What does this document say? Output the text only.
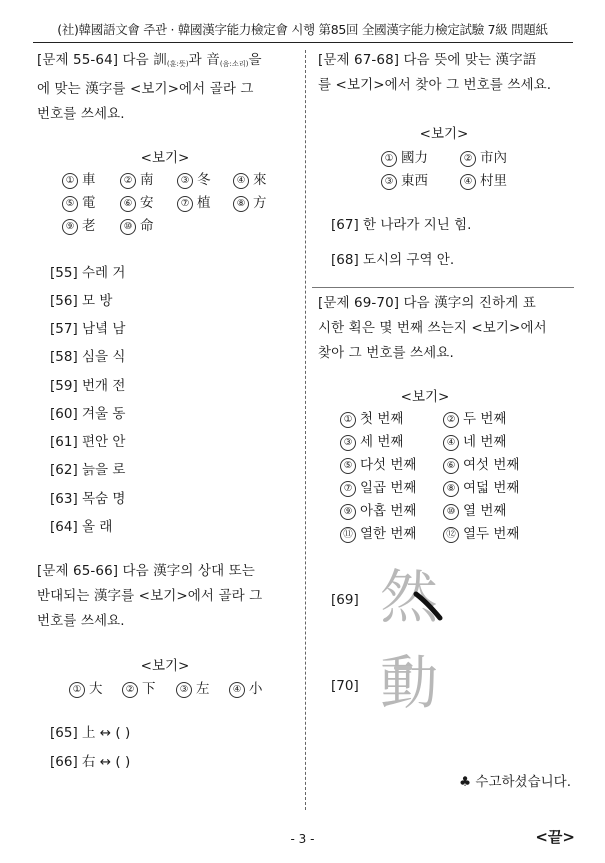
(社)韓國語文會 주관 · 韓國漢字能力檢定會 시행 第85回 全國漢字能力檢定試驗 7級 問題紙
[문제 55-64] 다음 訓(훈:뜻)과 音(음:소리)을
에 맞는 漢字를 <보기>에서 골라 그
번호를 쓰세요.
<보기>
① 車	② 南	③ 冬	④ 來
⑤ 電	⑥ 安	⑦ 植	⑧ 方
⑨ 老	⑩ 命
[55] 수레 거
[56] 모 방
[57] 남녘 남
[58] 심을 식
[59] 번개 전
[60] 겨울 동
[61] 편안 안
[62] 늙을 로
[63] 목숨 명
[64] 올 래
[문제 65-66] 다음 漢字의 상대 또는
반대되는 漢字를 <보기>에서 골라 그
번호를 쓰세요.
<보기>
① 大	② 下	③ 左	④ 小
[65] 上 ↔ ( )
[66] 右 ↔ ( )
[문제 67-68] 다음 뜻에 맞는 漢字語
를 <보기>에서 찾아 그 번호를 쓰세요.
<보기>
① 國力	② 市內
③ 東西	④ 村里
[67] 한 나라가 지닌 힘.
[68] 도시의 구역 안.
[문제 69-70] 다음 漢字의 진하게 표
시한 획은 몇 번째 쓰는지 <보기>에서
찾아 그 번호를 쓰세요.
<보기>
① 첫 번째	② 두 번째
③ 세 번째	④ 네 번째
⑤ 다섯 번째	⑥ 여섯 번째
⑦ 일곱 번째	⑧ 여덟 번째
⑨ 아홉 번째	⑩ 열 번째
⑪ 열한 번째	⑫ 열두 번째
[69] 然
[70] 動
♣ 수고하셨습니다.
- 3 -	<끝>
